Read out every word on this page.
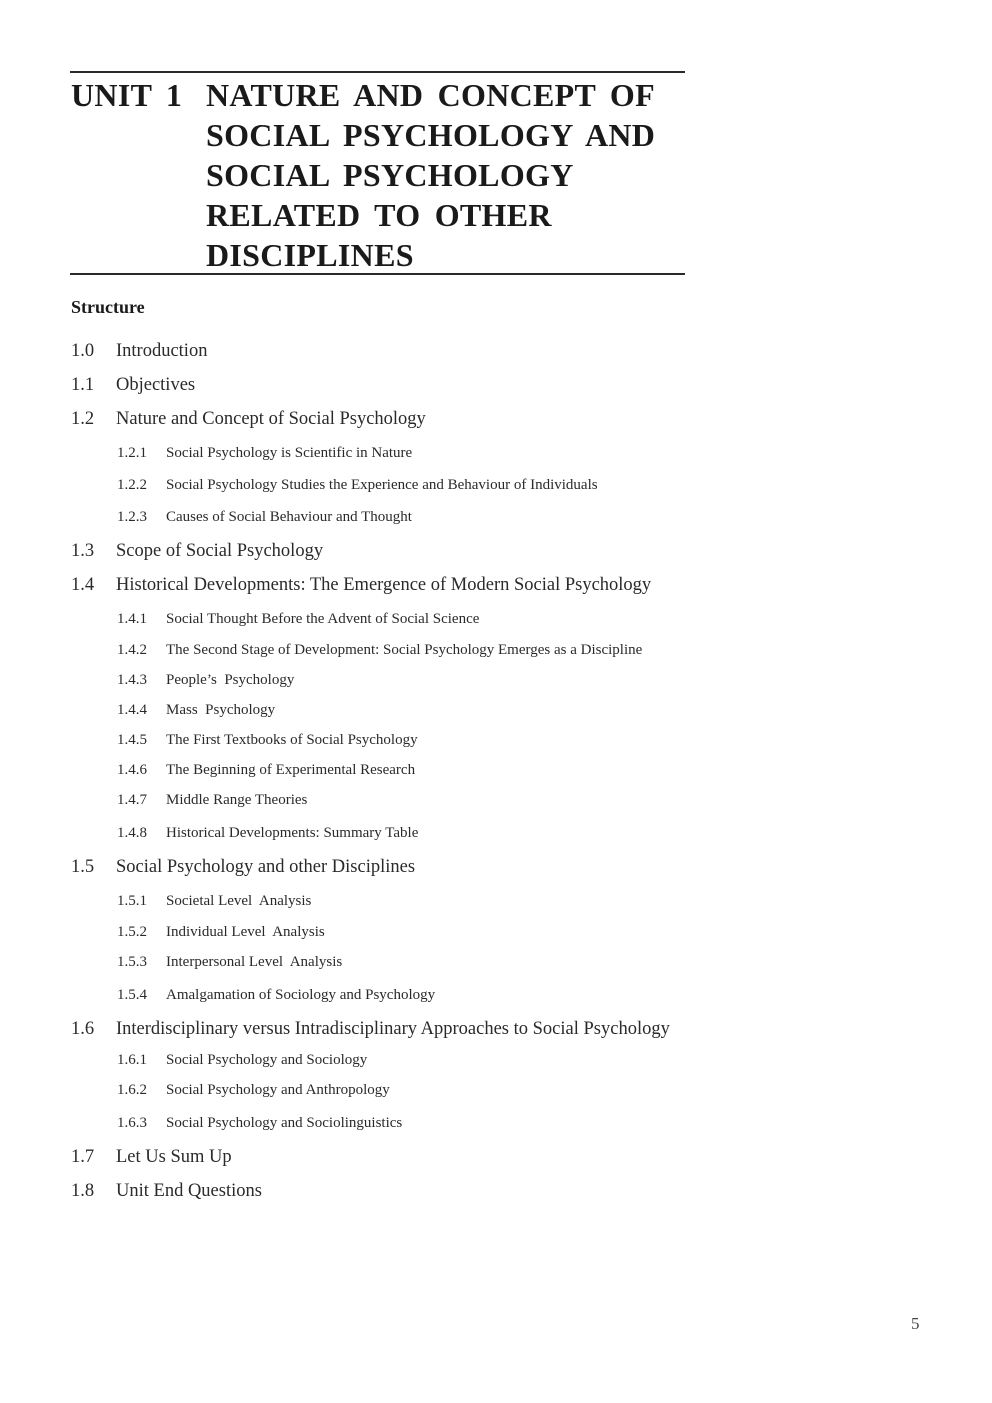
UNIT 1 NATURE AND CONCEPT OF
SOCIAL PSYCHOLOGY AND
SOCIAL PSYCHOLOGY
RELATED TO OTHER
DISCIPLINES
Structure
1.0 Introduction
1.1 Objectives
1.2 Nature and Concept of Social Psychology
1.2.1 Social Psychology is Scientific in Nature
1.2.2 Social Psychology Studies the Experience and Behaviour of Individuals
1.2.3 Causes of Social Behaviour and Thought
1.3 Scope of Social Psychology
1.4 Historical Developments: The Emergence of Modern Social Psychology
1.4.1 Social Thought Before the Advent of Social Science
1.4.2 The Second Stage of Development: Social Psychology Emerges as a Discipline
1.4.3 People’s  Psychology
1.4.4 Mass  Psychology
1.4.5 The First Textbooks of Social Psychology
1.4.6 The Beginning of Experimental Research
1.4.7 Middle Range Theories
1.4.8 Historical Developments: Summary Table
1.5 Social Psychology and other Disciplines
1.5.1 Societal Level  Analysis
1.5.2 Individual Level  Analysis
1.5.3 Interpersonal Level  Analysis
1.5.4 Amalgamation of Sociology and Psychology
1.6 Interdisciplinary versus Intradisciplinary Approaches to Social Psychology
1.6.1 Social Psychology and Sociology
1.6.2 Social Psychology and Anthropology
1.6.3 Social Psychology and Sociolinguistics
1.7 Let Us Sum Up
1.8 Unit End Questions
5
